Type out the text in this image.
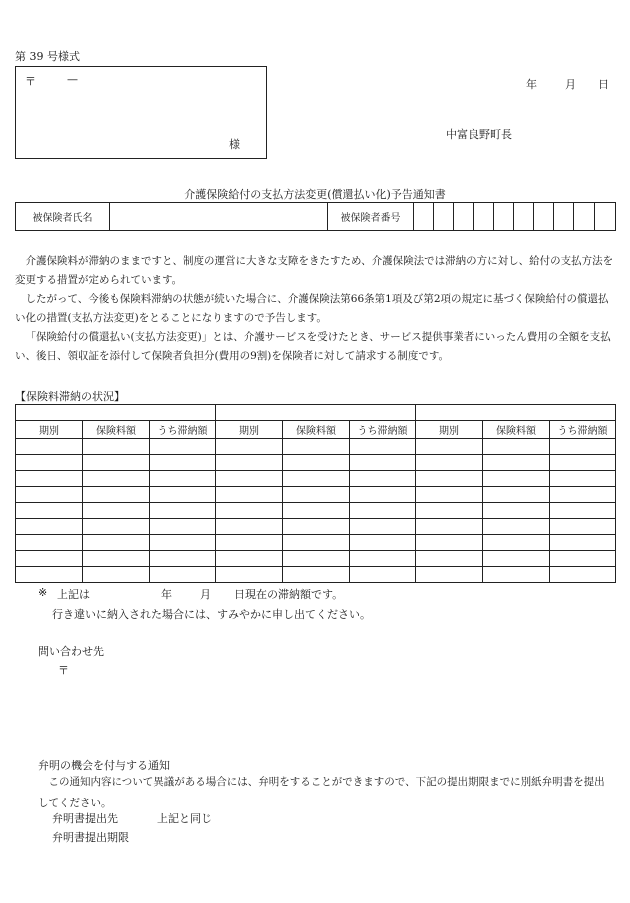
第 39 号様式
〒	—
様
年	月 日
中富良野町長
介護保険給付の支払方法変更(償還払い化)予告通知書
被保険者氏名		被保険者番号										

介護保険料が滞納のままですと、制度の運営に大きな支障をきたすため、介護保険法では滞納の方に対し、給付の支払方法を変更する措置が定められています。

したがって、今後も保険料滞納の状態が続いた場合に、介護保険法第66条第1項及び第2項の規定に基づく保険給付の償還払い化の措置(支払方法変更)をとることになりますので予告します。

「保険給付の償還払い(支払方法変更)」とは、介護サービスを受けたとき、サービス提供事業者にいったん費用の全額を支払い、後日、領収証を添付して保険者負担分(費用の9割)を保険者に対して請求する制度です。

【保険料滞納の状況】

期別	保険料額	うち滞納額	期別	保険料額	うち滞納額	期別	保険料額	うち滞納額

※ 上記は	年	月 日現在の滞納額です。
行き違いに納入された場合には、すみやかに申し出てください。
問い合わせ先
〒
弁明の機会を付与する通知
この通知内容について異議がある場合には、弁明をすることができますので、下記の提出期限までに別紙弁明書を提出してください。
弁明書提出先	上記と同じ
弁明書提出期限
